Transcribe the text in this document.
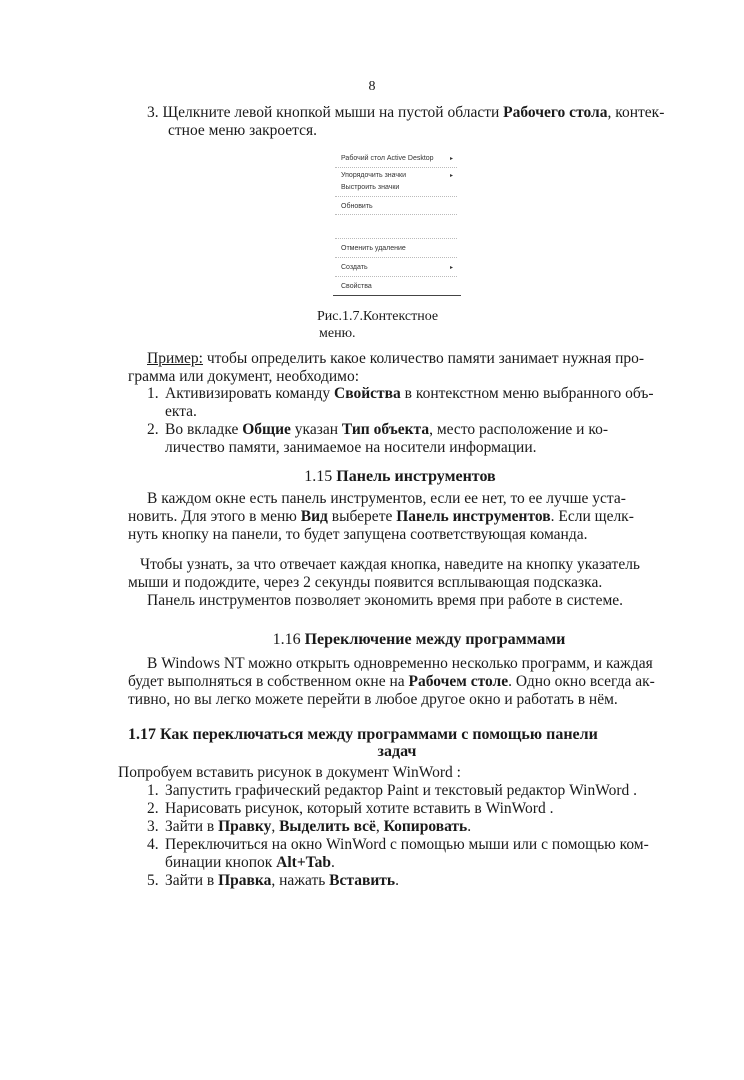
8

3. Щелкните левой кнопкой мыши на пустой области Рабочего стола, контек-

стное меню закроется.
Рабочий стол Active Desktop	▸
Упорядочить значки	▸
Выстроить значки
Обновить
Отменить удаление
Создать	▸
Свойства
Рис.1.7.Контекстное
меню.
Пример: чтобы определить какое количество памяти занимает нужная про-
грамма или документ, необходимо:
1. Активизировать команду Свойства в контекстном меню выбранного объ-
екта.
2. Во вкладке Общие указан Тип объекта, место расположение и ко-
личество памяти, занимаемое на носители информации.
1.15 Панель инструментов
В каждом окне есть панель инструментов, если ее нет, то ее лучше уста-
новить. Для этого в меню Вид выберете Панель инструментов. Если щелк-
нуть кнопку на панели, то будет запущена соответствующая команда.
Чтобы узнать, за что отвечает каждая кнопка, наведите на кнопку указатель
мыши и подождите, через 2 секунды появится всплывающая подсказка.
Панель инструментов позволяет экономить время при работе в системе.
1.16 Переключение между программами
В Windows NT можно открыть одновременно несколько программ, и каждая
будет выполняться в собственном окне на Рабочем столе. Одно окно всегда ак-
тивно, но вы легко можете перейти в любое другое окно и работать в нём.
1.17 Как переключаться между программами с помощью панели
задач
Попробуем вставить рисунок в документ WinWord :
1. Запустить графический редактор Paint и текстовый редактор WinWord .
2. Нарисовать рисунок, который хотите вставить в WinWord .
3. Зайти в Правку, Выделить всё, Копировать.
4. Переключиться на окно WinWord с помощью мыши или с помощью ком-
бинации кнопок Alt+Tab.
5. Зайти в Правка, нажать Вставить.
